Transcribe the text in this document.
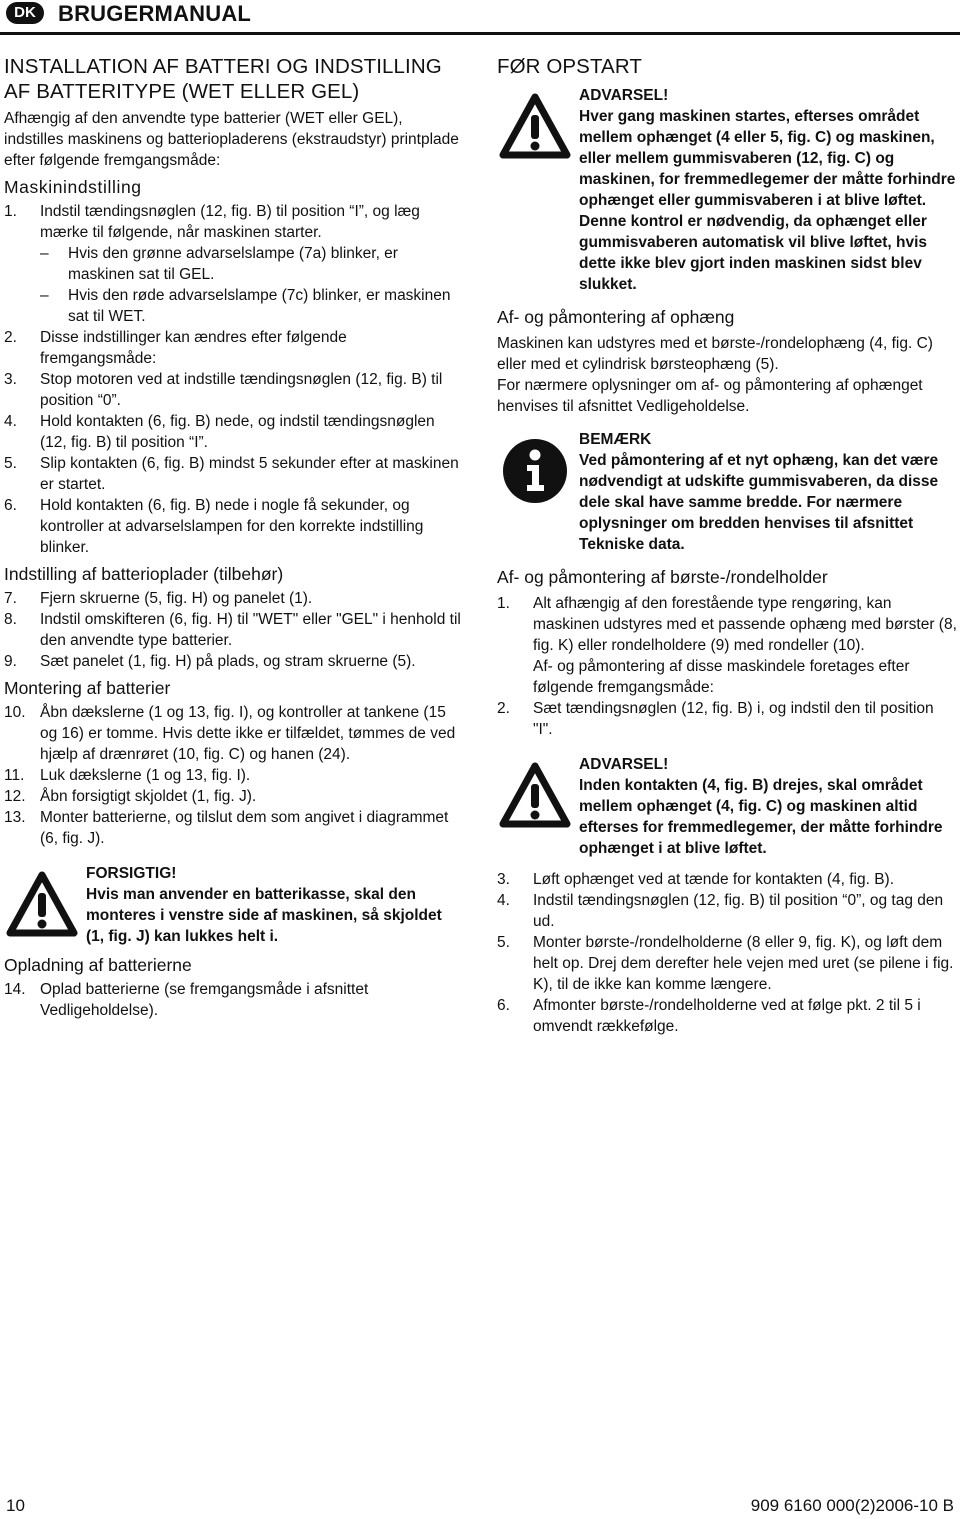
DK	BRUGERMANUAL
INSTALLATION AF BATTERI OG INDSTILLING AF BATTERITYPE (WET ELLER GEL)

Afhængig af den anvendte type batterier (WET eller GEL), indstilles maskinens og batteriopladerens (ekstraudstyr) printplade efter følgende fremgangsmåde:

Maskinindstilling
1. Indstil tændingsnøglen (12, fig. B) til position “I”, og læg mærke til følgende, når maskinen starter.
– Hvis den grønne advarselslampe (7a) blinker, er maskinen sat til GEL.
– Hvis den røde advarselslampe (7c) blinker, er maskinen sat til WET.
2. Disse indstillinger kan ændres efter følgende fremgangsmåde:
3. Stop motoren ved at indstille tændingsnøglen (12, fig. B) til position “0”.
4. Hold kontakten (6, fig. B) nede, og indstil tændingsnøglen (12, fig. B) til position “I”.
5. Slip kontakten (6, fig. B) mindst 5 sekunder efter at maskinen er startet.
6. Hold kontakten (6, fig. B) nede i nogle få sekunder, og kontroller at advarselslampen for den korrekte indstilling blinker.
Indstilling af batterioplader (tilbehør)
7. Fjern skruerne (5, fig. H) og panelet (1).
8. Indstil omskifteren (6, fig. H) til "WET" eller "GEL" i henhold til den anvendte type batterier.
9. Sæt panelet (1, fig. H) på plads, og stram skruerne (5).
Montering af batterier
10. Åbn dækslerne (1 og 13, fig. I), og kontroller at tankene (15 og 16) er tomme. Hvis dette ikke er tilfældet, tømmes de ved hjælp af drænrøret (10, fig. C) og hanen (24).
11. Luk dækslerne (1 og 13, fig. I).
12. Åbn forsigtigt skjoldet (1, fig. J).
13. Monter batterierne, og tilslut dem som angivet i diagrammet (6, fig. J).
FORSIGTIG!
Hvis man anvender en batterikasse, skal den monteres i venstre side af maskinen, så skjoldet (1, fig. J) kan lukkes helt i.
Opladning af batterierne
14. Oplad batterierne (se fremgangsmåde i afsnittet Vedligeholdelse).
FØR OPSTART
ADVARSEL!
Hver gang maskinen startes, efterses området mellem ophænget (4 eller 5, fig. C) og maskinen, eller mellem gummisvaberen (12, fig. C) og maskinen, for fremmedlegemer der måtte forhindre ophænget eller gummisvaberen i at blive løftet. Denne kontrol er nødvendig, da ophænget eller gummisvaberen automatisk vil blive løftet, hvis dette ikke blev gjort inden maskinen sidst blev slukket.
Af- og påmontering af ophæng

Maskinen kan udstyres med et børste-/rondelophæng (4, fig. C) eller med et cylindrisk børsteophæng (5).

For nærmere oplysninger om af- og påmontering af ophænget henvises til afsnittet Vedligeholdelse.

BEMÆRK
Ved påmontering af et nyt ophæng, kan det være nødvendigt at udskifte gummisvaberen, da disse dele skal have samme bredde. For nærmere oplysninger om bredden henvises til afsnittet Tekniske data.
Af- og påmontering af børste-/rondelholder
1. Alt afhængig af den forestående type rengøring, kan maskinen udstyres med et passende ophæng med børster (8, fig. K) eller rondelholdere (9) med rondeller (10).
Af- og påmontering af disse maskindele foretages efter følgende fremgangsmåde:
2. Sæt tændingsnøglen (12, fig. B) i, og indstil den til position "I".
ADVARSEL!
Inden kontakten (4, fig. B) drejes, skal området mellem ophænget (4, fig. C) og maskinen altid efterses for fremmedlegemer, der måtte forhindre ophænget i at blive løftet.
3. Løft ophænget ved at tænde for kontakten (4, fig. B).
4. Indstil tændingsnøglen (12, fig. B) til position “0”, og tag den ud.
5. Monter børste-/rondelholderne (8 eller 9, fig. K), og løft dem helt op. Drej dem derefter hele vejen med uret (se pilene i fig. K), til de ikke kan komme længere.
6. Afmonter børste-/rondelholderne ved at følge pkt. 2 til 5 i omvendt rækkefølge.
10	909 6160 000(2)2006-10 B
